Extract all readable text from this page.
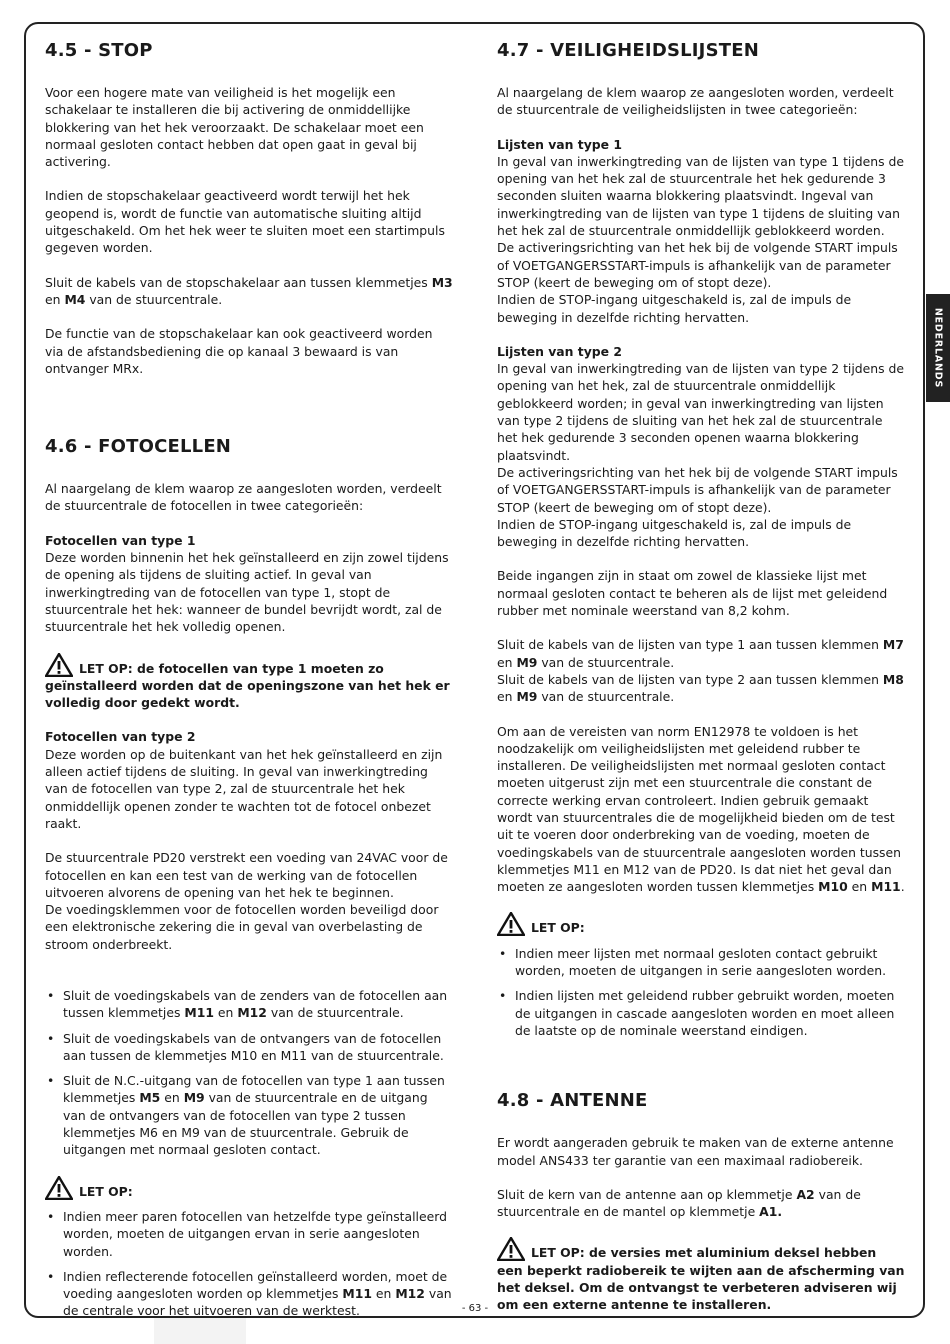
NEDERLANDS
4.5 - STOP

Voor een hogere mate van veiligheid is het mogelijk een schakelaar te installeren die bij activering de onmiddellijke blokkering van het hek veroorzaakt. De schakelaar moet een normaal gesloten contact hebben dat open gaat in geval bij activering.

Indien de stopschakelaar geactiveerd wordt terwijl het hek geopend is, wordt de functie van automatische sluiting altijd uitgeschakeld. Om het hek weer te sluiten moet een startimpuls gegeven worden.

Sluit de kabels van de stopschakelaar aan tussen klemmetjes M3 en M4 van de stuurcentrale.

De functie van de stopschakelaar kan ook geactiveerd worden via de afstandsbediening die op kanaal 3 bewaard is van ontvanger MRx.

4.6 - FOTOCELLEN

Al naargelang de klem waarop ze aangesloten worden, verdeelt de stuurcentrale de fotocellen in twee categorieën:

Fotocellen van type 1

Deze worden binnenin het hek geïnstalleerd en zijn zowel tijdens de opening als tijdens de sluiting actief. In geval van inwerkingtreding van de fotocellen van type 1, stopt de stuurcentrale het hek: wanneer de bundel bevrijdt wordt, zal de stuurcentrale het hek volledig openen.

LET OP: de fotocellen van type 1 moeten zo geïnstalleerd worden dat de openingszone van het hek er volledig door gedekt wordt.

Fotocellen van type 2

Deze worden op de buitenkant van het hek geïnstalleerd en zijn alleen actief tijdens de sluiting. In geval van inwerkingtreding van de fotocellen van type 2, zal de stuurcentrale het hek onmiddellijk openen zonder te wachten tot de fotocel onbezet raakt.

De stuurcentrale PD20 verstrekt een voeding van 24VAC voor de fotocellen en kan een test van de werking van de fotocellen uitvoeren alvorens de opening van het hek te beginnen.
De voedingsklemmen voor de fotocellen worden beveiligd door een elektronische zekering die in geval van overbelasting de stroom onderbreekt.

• Sluit de voedingskabels van de zenders van de fotocellen aan tussen klemmetjes M11 en M12 van de stuurcentrale.
• Sluit de voedingskabels van de ontvangers van de fotocellen aan tussen de klemmetjes M10 en M11 van de stuurcentrale.
• Sluit de N.C.-uitgang van de fotocellen van type 1 aan tussen klemmetjes M5 en M9 van de stuurcentrale en de uitgang van de ontvangers van de fotocellen van type 2 tussen klemmetjes M6 en M9 van de stuurcentrale. Gebruik de uitgangen met normaal gesloten contact.

LET OP:

• Indien meer paren fotocellen van hetzelfde type geïnstalleerd worden, moeten de uitgangen ervan in serie aangesloten worden.
• Indien reflecterende fotocellen geïnstalleerd worden, moet de voeding aangesloten worden op klemmetjes M11 en M12 van de centrale voor het uitvoeren van de werktest.
4.7 - VEILIGHEIDSLIJSTEN

Al naargelang de klem waarop ze aangesloten worden, verdeelt de stuurcentrale de veiligheidslijsten in twee categorieën:

Lijsten van type 1

In geval van inwerkingtreding van de lijsten van type 1 tijdens de opening van het hek zal de stuurcentrale het hek gedurende 3 seconden sluiten waarna blokkering plaatsvindt. Ingeval van inwerkingtreding van de lijsten van type 1 tijdens de sluiting van het hek zal de stuurcentrale onmiddellijk geblokkeerd worden.
De activeringsrichting van het hek bij de volgende START impuls of VOETGANGERSSTART-impuls is afhankelijk van de parameter STOP (keert de beweging om of stopt deze).
Indien de STOP-ingang uitgeschakeld is, zal de impuls de beweging in dezelfde richting hervatten.

Lijsten van type 2

In geval van inwerkingtreding van de lijsten van type 2 tijdens de opening van het hek, zal de stuurcentrale onmiddellijk geblokkeerd worden; in geval van inwerkingtreding van lijsten van type 2 tijdens de sluiting van het hek zal de stuurcentrale het hek gedurende 3 seconden openen waarna blokkering plaatsvindt.
De activeringsrichting van het hek bij de volgende START impuls of VOETGANGERSSTART-impuls is afhankelijk van de parameter STOP (keert de beweging om of stopt deze).
Indien de STOP-ingang uitgeschakeld is, zal de impuls de beweging in dezelfde richting hervatten.

Beide ingangen zijn in staat om zowel de klassieke lijst met normaal gesloten contact te beheren als de lijst met geleidend rubber met nominale weerstand van 8,2 kohm.

Sluit de kabels van de lijsten van type 1 aan tussen klemmen M7 en M9 van de stuurcentrale.
Sluit de kabels van de lijsten van type 2 aan tussen klemmen M8 en M9 van de stuurcentrale.

Om aan de vereisten van norm EN12978 te voldoen is het noodzakelijk om veiligheidslijsten met geleidend rubber te installeren. De veiligheidslijsten met normaal gesloten contact moeten uitgerust zijn met een stuurcentrale die constant de correcte werking ervan controleert. Indien gebruik gemaakt wordt van stuurcentrales die de mogelijkheid bieden om de test uit te voeren door onderbreking van de voeding, moeten de voedingskabels van de stuurcentrale aangesloten worden tussen klemmetjes M11 en M12 van de PD20. Is dat niet het geval dan moeten ze aangesloten worden tussen klemmetjes M10 en M11.

LET OP:

• Indien meer lijsten met normaal gesloten contact gebruikt worden, moeten de uitgangen in serie aangesloten worden.
• Indien lijsten met geleidend rubber gebruikt worden, moeten de uitgangen in cascade aangesloten worden en moet alleen de laatste op de nominale weerstand eindigen.
4.8 - ANTENNE

Er wordt aangeraden gebruik te maken van de externe antenne model ANS433 ter garantie van een maximaal radiobereik.

Sluit de kern van de antenne aan op klemmetje A2 van de stuurcentrale en de mantel op klemmetje A1.

LET OP: de versies met aluminium deksel hebben een beperkt radiobereik te wijten aan de afscherming van het deksel. Om de ontvangst te verbeteren adviseren wij om een externe antenne te installeren.

- 63 -
